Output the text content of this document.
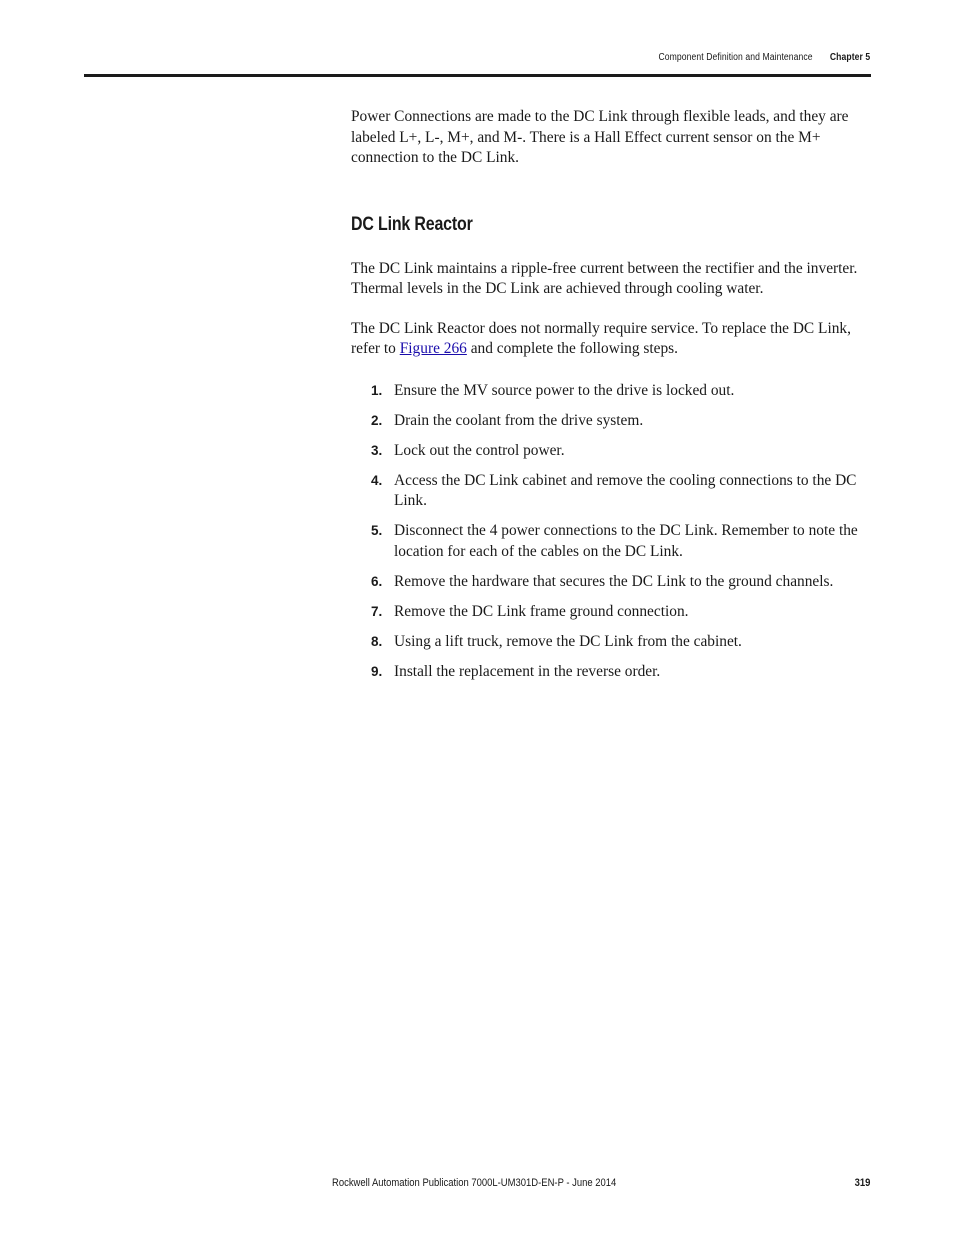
Component Definition and Maintenance Chapter 5

Power Connections are made to the DC Link through flexible leads, and they are labeled L+, L-, M+, and M-. There is a Hall Effect current sensor on the M+ connection to the DC Link.

DC Link Reactor

The DC Link maintains a ripple-free current between the rectifier and the inverter. Thermal levels in the DC Link are achieved through cooling water.

The DC Link Reactor does not normally require service. To replace the DC Link, refer to Figure 266 and complete the following steps.

1. Ensure the MV source power to the drive is locked out.
2. Drain the coolant from the drive system.
3. Lock out the control power.
4. Access the DC Link cabinet and remove the cooling connections to the DC Link.
5. Disconnect the 4 power connections to the DC Link. Remember to note the location for each of the cables on the DC Link.
6. Remove the hardware that secures the DC Link to the ground channels.
7. Remove the DC Link frame ground connection.
8. Using a lift truck, remove the DC Link from the cabinet.
9. Install the replacement in the reverse order.
Rockwell Automation Publication 7000L-UM301D-EN-P - June 2014	319
